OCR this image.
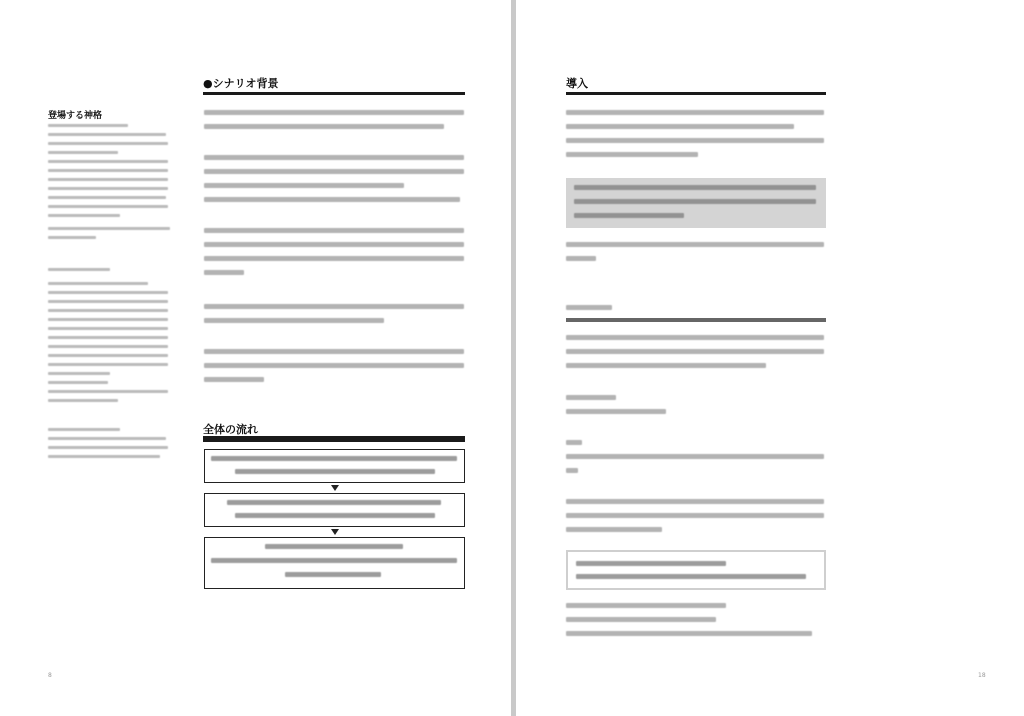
登場する神格
●シナリオ背景
全体の流れ
8
導入
18
